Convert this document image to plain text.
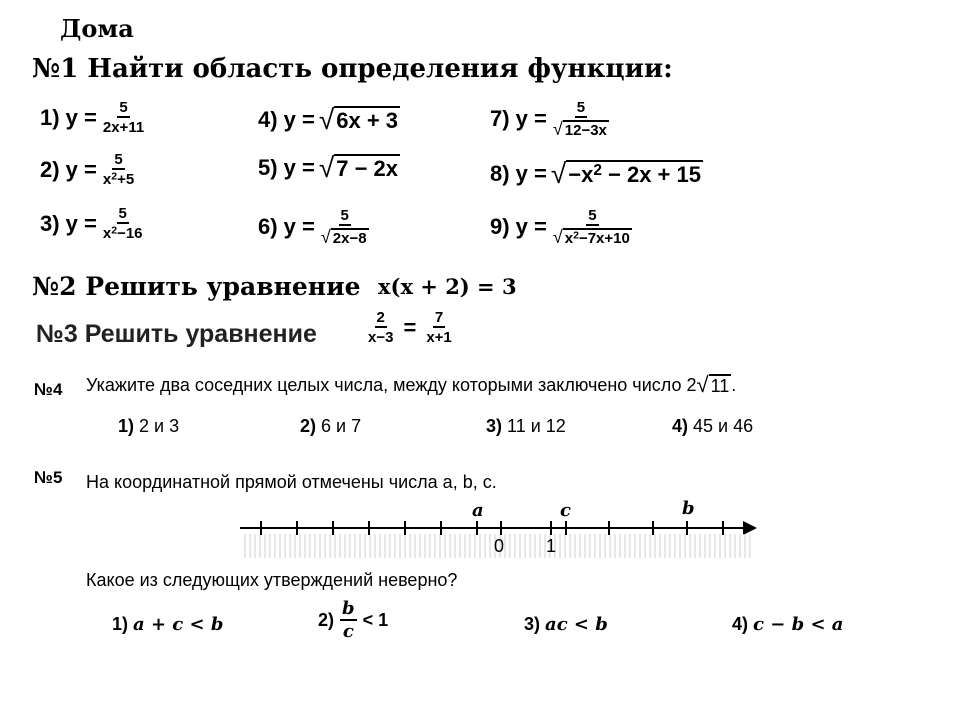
Дома
№1 Найти область определения функции:
1) $y = \frac{5}{2x+11}$
2) $y = \frac{5}{x^2+5}$
3) $y = \frac{5}{x^2-16}$
4) y = √ 6x + 3
5) y = √ 7 − 2x
6) $y = \frac{5}{√ 2x-8}$
7) $y = \frac{5}{√ 12-3x}$
8) y = √ $-x^2 - 2x + 15$
9) $y = \frac{5}{√ x^2-7x+10}$
№2 Решить уравнение x(x + 2) = 3
№3 Решить уравнение	$\frac{2}{x-3} = \frac{7}{x+1}$
№4 Укажите два соседних целых числа, между которыми заключено число 2 √ 11 .
1) 2 и 3	2) 6 и 7	3) 11 и 12	4) 45 и 46
№5 На координатной прямой отмечены числа a, b, c.
a	c	b
0 1
Какое из следующих утверждений неверно?
1) a + c < b	$2) \frac{b}{c} < 1$	3) ac < b	4) c − b < a
